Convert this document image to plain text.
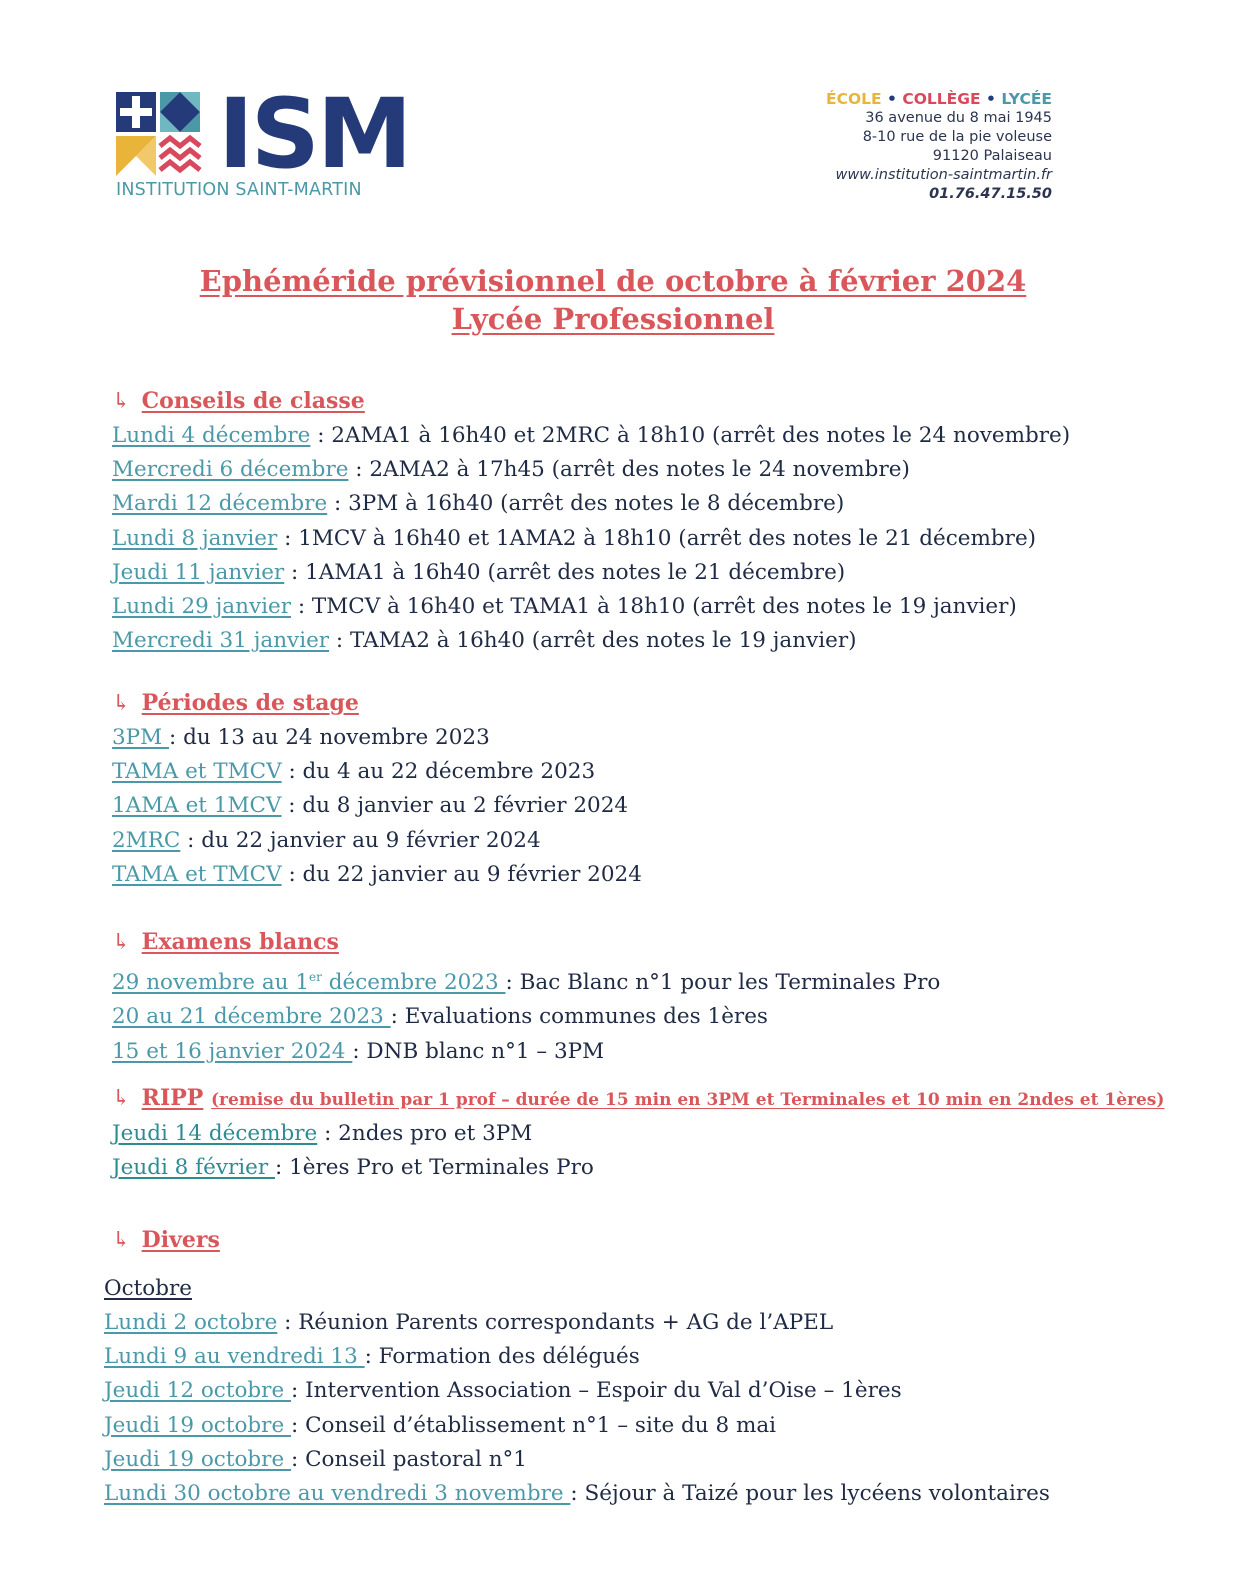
ISM
INSTITUTION SAINT-MARTIN
ÉCOLE • COLLÈGE • LYCÉE
36 avenue du 8 mai 1945
8-10 rue de la pie voleuse
91120 Palaiseau
www.institution-saintmartin.fr
01.76.47.15.50
Ephéméride prévisionnel de octobre à février 2024
Lycée Professionnel
↳ Conseils de classe
Lundi 4 décembre : 2AMA1 à 16h40 et 2MRC à 18h10 (arrêt des notes le 24 novembre)
Mercredi 6 décembre : 2AMA2 à 17h45 (arrêt des notes le 24 novembre)
Mardi 12 décembre : 3PM à 16h40 (arrêt des notes le 8 décembre)
Lundi 8 janvier : 1MCV à 16h40 et 1AMA2 à 18h10 (arrêt des notes le 21 décembre)
Jeudi 11 janvier : 1AMA1 à 16h40 (arrêt des notes le 21 décembre)
Lundi 29 janvier : TMCV à 16h40 et TAMA1 à 18h10 (arrêt des notes le 19 janvier)
Mercredi 31 janvier : TAMA2 à 16h40 (arrêt des notes le 19 janvier)
↳ Périodes de stage
3PM : du 13 au 24 novembre 2023
TAMA et TMCV : du 4 au 22 décembre 2023
1AMA et 1MCV : du 8 janvier au 2 février 2024
2MRC : du 22 janvier au 9 février 2024
TAMA et TMCV : du 22 janvier au 9 février 2024
↳ Examens blancs
29 novembre au 1er décembre 2023 : Bac Blanc n°1 pour les Terminales Pro
20 au 21 décembre 2023 : Evaluations communes des 1ères
15 et 16 janvier 2024 : DNB blanc n°1 – 3PM
↳ RIPP (remise du bulletin par 1 prof – durée de 15 min en 3PM et Terminales et 10 min en 2ndes et 1ères)
Jeudi 14 décembre : 2ndes pro et 3PM
Jeudi 8 février : 1ères Pro et Terminales Pro
↳ Divers
Octobre
Lundi 2 octobre : Réunion Parents correspondants + AG de l’APEL
Lundi 9 au vendredi 13 : Formation des délégués
Jeudi 12 octobre : Intervention Association – Espoir du Val d’Oise – 1ères
Jeudi 19 octobre : Conseil d’établissement n°1 – site du 8 mai
Jeudi 19 octobre : Conseil pastoral n°1
Lundi 30 octobre au vendredi 3 novembre : Séjour à Taizé pour les lycéens volontaires
